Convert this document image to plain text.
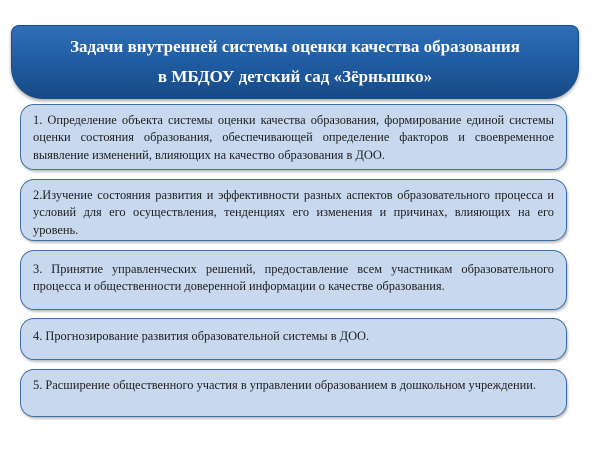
Задачи внутренней системы оценки качества образования
в МБДОУ детский сад «Зёрнышко»
1. Определение объекта системы оценки качества образования, формирование единой системы оценки состояния образования, обеспечивающей определение факторов и своевременное выявление изменений, влияющих на качество образования в ДОО.
2.Изучение состояния развития и эффективности разных аспектов образовательного процесса и условий для его осуществления, тенденциях его изменения и причинах, влияющих на его уровень.
3. Принятие управленческих решений, предоставление всем участникам образовательного процесса и общественности доверенной информации о качестве образования.
4. Прогнозирование развития образовательной системы в ДОО.
5. Расширение общественного участия в управлении образованием в дошкольном учреждении.
